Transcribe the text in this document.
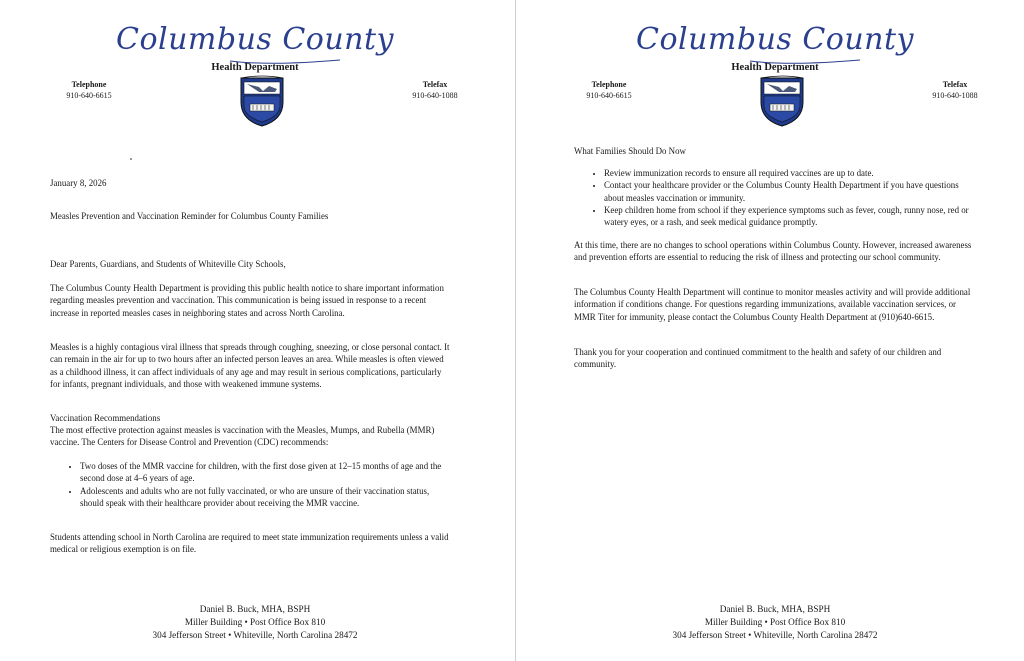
Columbus County
Health Department
Telephone
910-640-6615
Telefax
910-640-1088
January 8, 2026
Measles Prevention and Vaccination Reminder for Columbus County Families
Dear Parents, Guardians, and Students of Whiteville City Schools,
The Columbus County Health Department is providing this public health notice to share important information regarding measles prevention and vaccination. This communication is being issued in response to a recent increase in reported measles cases in neighboring states and across North Carolina.
Measles is a highly contagious viral illness that spreads through coughing, sneezing, or close personal contact. It can remain in the air for up to two hours after an infected person leaves an area. While measles is often viewed as a childhood illness, it can affect individuals of any age and may result in serious complications, particularly for infants, pregnant individuals, and those with weakened immune systems.
Vaccination Recommendations
The most effective protection against measles is vaccination with the Measles, Mumps, and Rubella (MMR) vaccine. The Centers for Disease Control and Prevention (CDC) recommends:
• Two doses of the MMR vaccine for children, with the first dose given at 12–15 months of age and the second dose at 4–6 years of age.
• Adolescents and adults who are not fully vaccinated, or who are unsure of their vaccination status, should speak with their healthcare provider about receiving the MMR vaccine.
Students attending school in North Carolina are required to meet state immunization requirements unless a valid medical or religious exemption is on file.
Daniel B. Buck, MHA, BSPH
Miller Building • Post Office Box 810
304 Jefferson Street • Whiteville, North Carolina 28472
Columbus County
Health Department
Telephone
910-640-6615
Telefax
910-640-1088
What Families Should Do Now
• Review immunization records to ensure all required vaccines are up to date.
• Contact your healthcare provider or the Columbus County Health Department if you have questions about measles vaccination or immunity.
• Keep children home from school if they experience symptoms such as fever, cough, runny nose, red or watery eyes, or a rash, and seek medical guidance promptly.
At this time, there are no changes to school operations within Columbus County. However, increased awareness and prevention efforts are essential to reducing the risk of illness and protecting our school community.
The Columbus County Health Department will continue to monitor measles activity and will provide additional information if conditions change. For questions regarding immunizations, available vaccination services, or MMR Titer for immunity, please contact the Columbus County Health Department at (910)640-6615.
Thank you for your cooperation and continued commitment to the health and safety of our children and community.
Daniel B. Buck, MHA, BSPH
Miller Building • Post Office Box 810
304 Jefferson Street • Whiteville, North Carolina 28472
